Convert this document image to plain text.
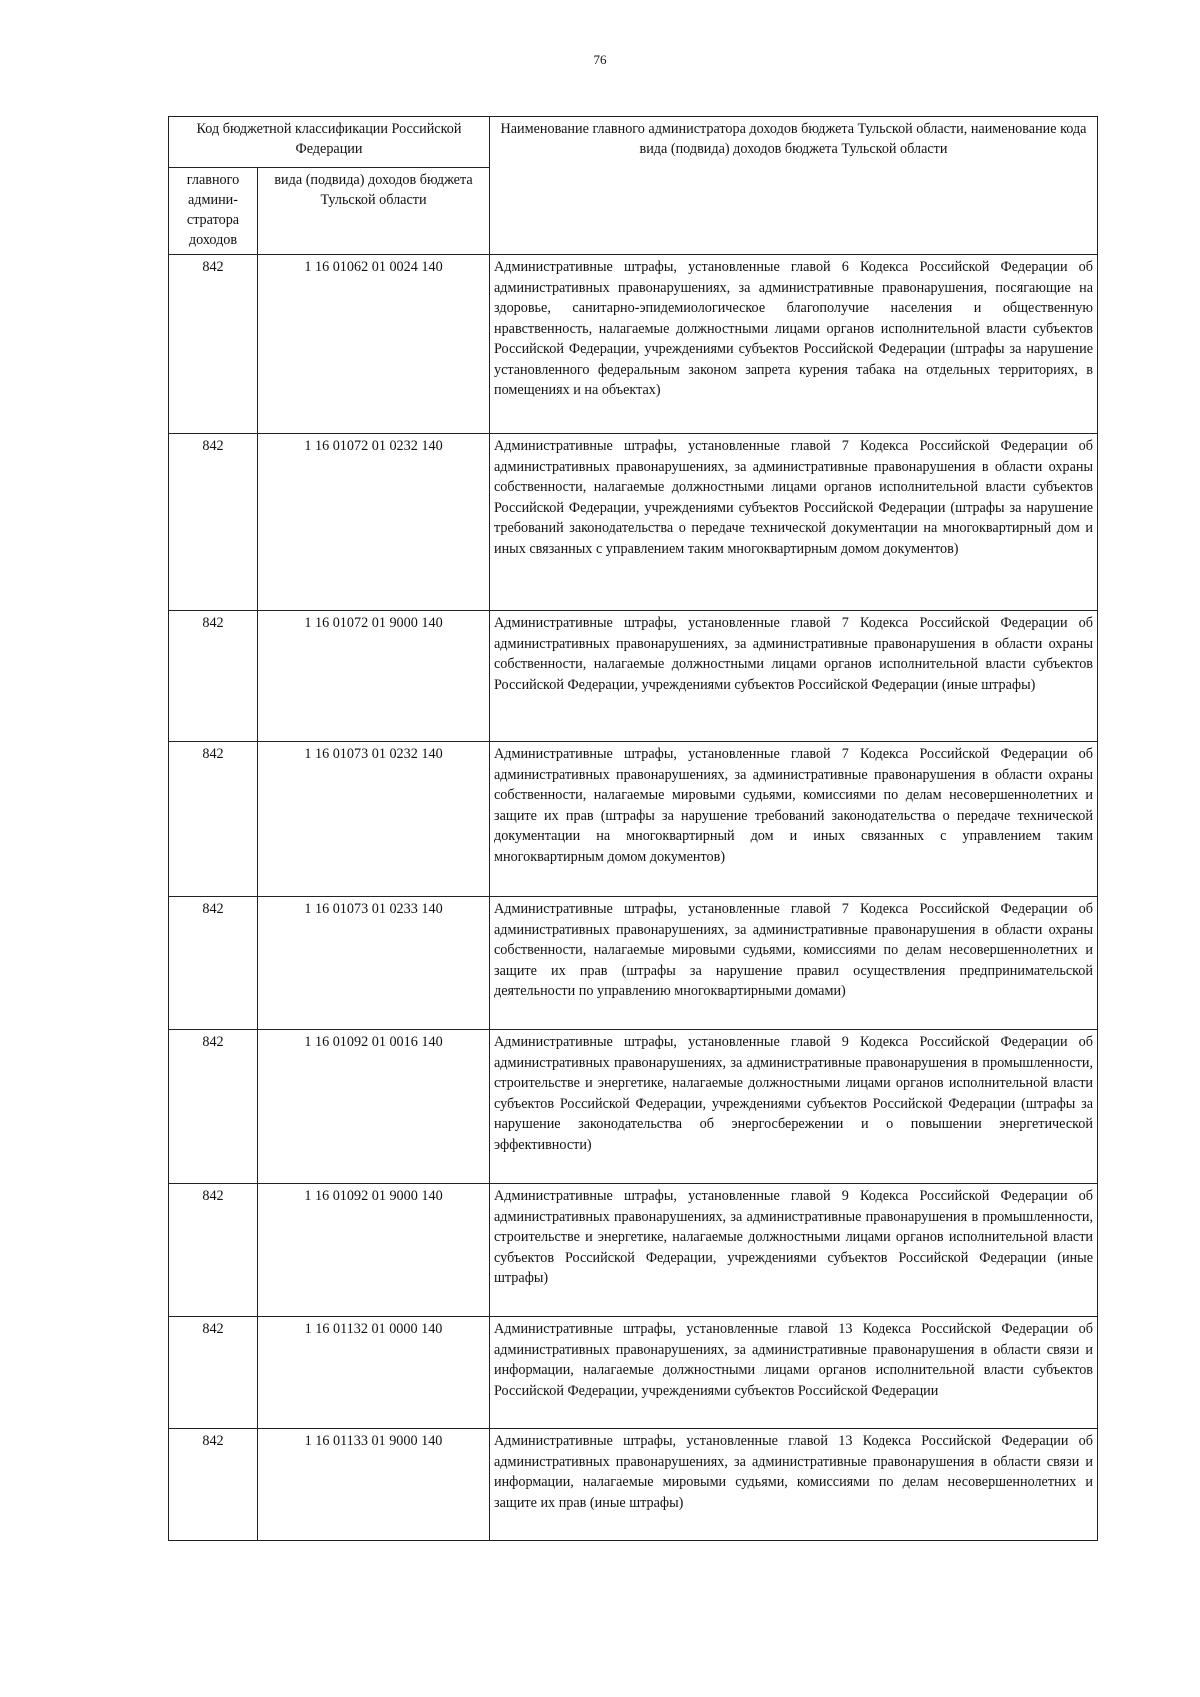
76
Код бюджетной классификации Российской Федерации		Наименование главного администратора доходов бюджета Тульской области, наименование кода вида (подвида) доходов бюджета Тульской области
главного админи-стратора доходов	вида (подвида) доходов бюджета Тульской области	
842	1 16 01062 01 0024 140	Административные штрафы, установленные главой 6 Кодекса Российской Федерации об административных правонарушениях, за административные правонарушения, посягающие на здоровье, санитарно-эпидемиологическое благополучие населения и общественную нравственность, налагаемые должностными лицами органов исполнительной власти субъектов Российской Федерации, учреждениями субъектов Российской Федерации (штрафы за нарушение установленного федеральным законом запрета курения табака на отдельных территориях, в помещениях и на объектах)
842	1 16 01072 01 0232 140	Административные штрафы, установленные главой 7 Кодекса Российской Федерации об административных правонарушениях, за административные правонарушения в области охраны собственности, налагаемые должностными лицами органов исполнительной власти субъектов Российской Федерации, учреждениями субъектов Российской Федерации (штрафы за нарушение требований законодательства о передаче технической документации на многоквартирный дом и иных связанных с управлением таким многоквартирным домом документов)
842	1 16 01072 01 9000 140	Административные штрафы, установленные главой 7 Кодекса Российской Федерации об административных правонарушениях, за административные правонарушения в области охраны собственности, налагаемые должностными лицами органов исполнительной власти субъектов Российской Федерации, учреждениями субъектов Российской Федерации (иные штрафы)
842	1 16 01073 01 0232 140	Административные штрафы, установленные главой 7 Кодекса Российской Федерации об административных правонарушениях, за административные правонарушения в области охраны собственности, налагаемые мировыми судьями, комиссиями по делам несовершеннолетних и защите их прав (штрафы за нарушение требований законодательства о передаче технической документации на многоквартирный дом и иных связанных с управлением таким многоквартирным домом документов)
842	1 16 01073 01 0233 140	Административные штрафы, установленные главой 7 Кодекса Российской Федерации об административных правонарушениях, за административные правонарушения в области охраны собственности, налагаемые мировыми судьями, комиссиями по делам несовершеннолетних и защите их прав (штрафы за нарушение правил осуществления предпринимательской деятельности по управлению многоквартирными домами)
842	1 16 01092 01 0016 140	Административные штрафы, установленные главой 9 Кодекса Российской Федерации об административных правонарушениях, за административные правонарушения в промышленности, строительстве и энергетике, налагаемые должностными лицами органов исполнительной власти субъектов Российской Федерации, учреждениями субъектов Российской Федерации (штрафы за нарушение законодательства об энергосбережении и о повышении энергетической эффективности)
842	1 16 01092 01 9000 140	Административные штрафы, установленные главой 9 Кодекса Российской Федерации об административных правонарушениях, за административные правонарушения в промышленности, строительстве и энергетике, налагаемые должностными лицами органов исполнительной власти субъектов Российской Федерации, учреждениями субъектов Российской Федерации (иные штрафы)
842	1 16 01132 01 0000 140	Административные штрафы, установленные главой 13 Кодекса Российской Федерации об административных правонарушениях, за административные правонарушения в области связи и информации, налагаемые должностными лицами органов исполнительной власти субъектов Российской Федерации, учреждениями субъектов Российской Федерации
842	1 16 01133 01 9000 140	Административные штрафы, установленные главой 13 Кодекса Российской Федерации об административных правонарушениях, за административные правонарушения в области связи и информации, налагаемые мировыми судьями, комиссиями по делам несовершеннолетних и защите их прав (иные штрафы)
